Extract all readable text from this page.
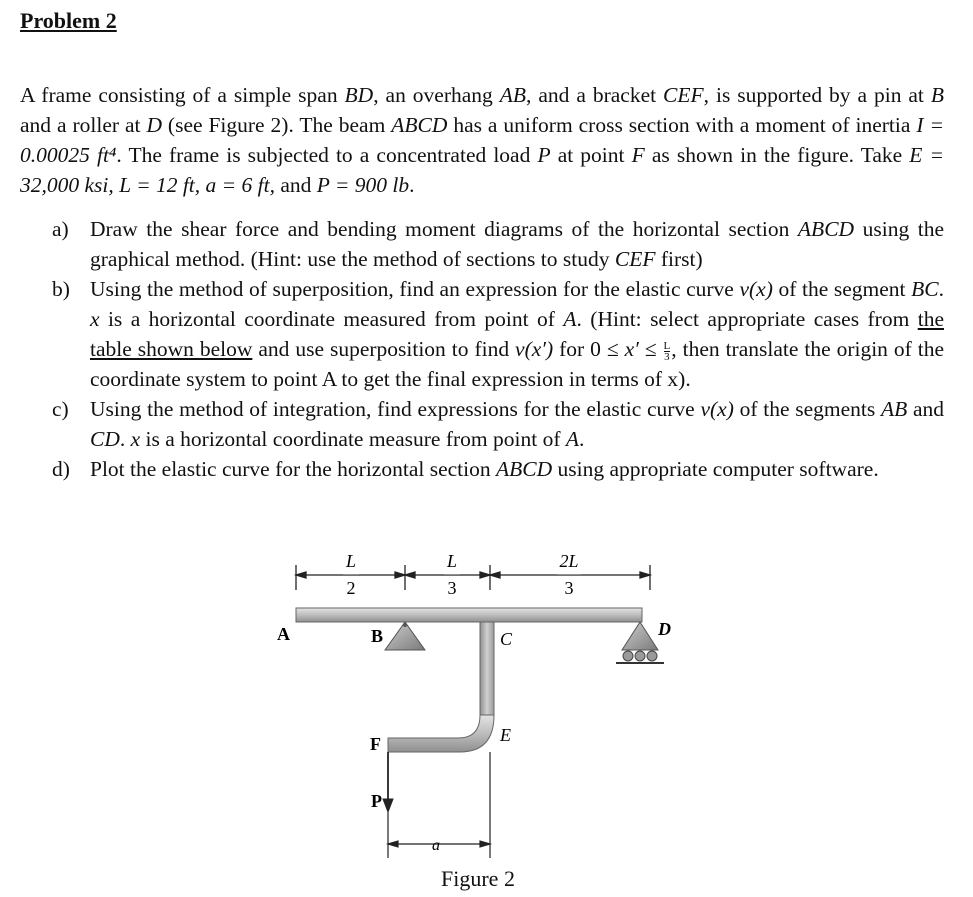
Problem 2
A frame consisting of a simple span BD, an overhang AB, and a bracket CEF, is supported by a pin at B and a roller at D (see Figure 2). The beam ABCD has a uniform cross section with a moment of inertia I = 0.00025 ft⁴. The frame is subjected to a concentrated load P at point F as shown in the figure. Take E = 32,000 ksi, L = 12 ft, a = 6 ft, and P = 900 lb.
a) Draw the shear force and bending moment diagrams of the horizontal section ABCD using the graphical method. (Hint: use the method of sections to study CEF first)
b) Using the method of superposition, find an expression for the elastic curve v(x) of the segment BC. x is a horizontal coordinate measured from point of A. (Hint: select appropriate cases from the table shown below and use superposition to find v(x′) for $0 \le x' \le \frac{L}{3}$ , then translate the origin of the coordinate system to point A to get the final expression in terms of x).
c) Using the method of integration, find expressions for the elastic curve v(x) of the segments AB and CD. x is a horizontal coordinate measure from point of A.
d) Plot the elastic curve for the horizontal section ABCD using appropriate computer software.
L
2
L
3
2L
3
a
A	B	C	D
E
F
P
Figure 2
